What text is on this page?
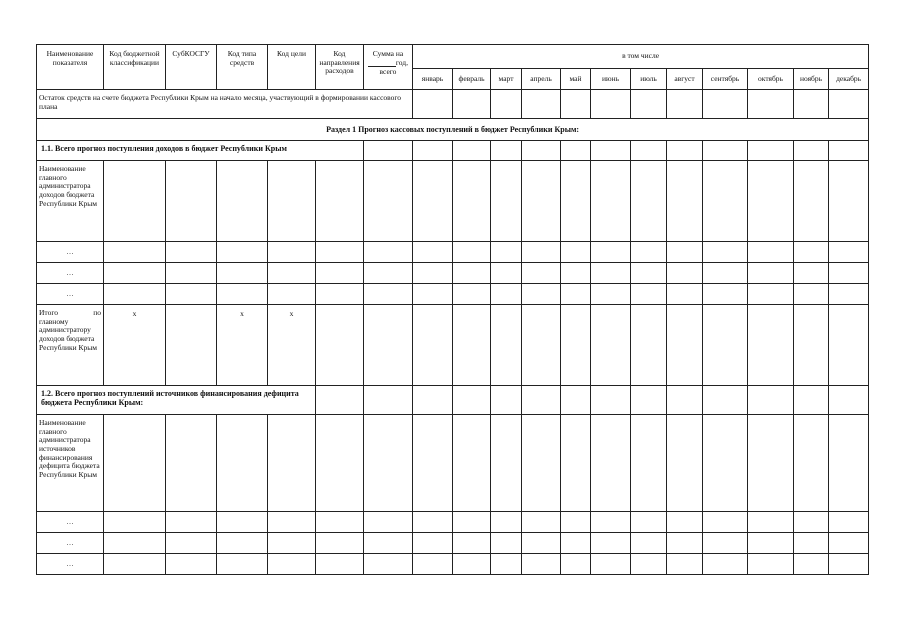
Наименование показателя	Код бюджетной классификации	СубКОСГУ	Код типа средств	Код цели	Код направления расходов	Сумма на
год,
всего	в том числе											
							январь	февраль	март	апрель	май	июнь	июль	август	сентябрь	октябрь	ноябрь	декабрь
Остаток средств на счете бюджета Республики Крым на начало месяца, участвующий в формировании кассового плана																		
Раздел 1 Прогноз кассовых поступлений в бюджет Республики Крым:																		
1.1. Всего прогноз поступления доходов в бюджет Республики Крым																		
Наименование главного администратора доходов бюджета Республики Крым																		
…																		
…																		
…																		

Итого по
главному администратору доходов бюджета Республики Крым	x		x	x														
1.2. Всего прогноз поступлений источников финансирования дефицита бюджета Республики Крым:																		
Наименование главного администратора источников финансирования дефицита бюджета Республики Крым																		
…																		
…																		
…																		
